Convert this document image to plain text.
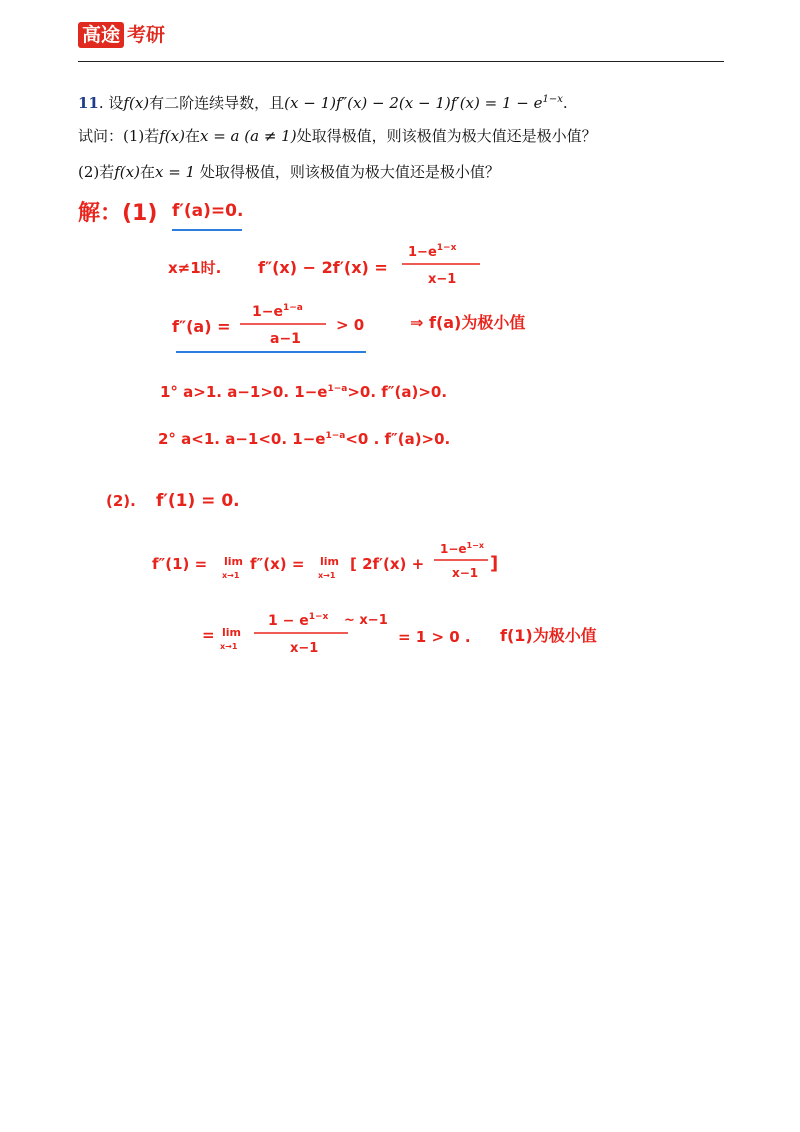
高途 考研
11. 设f(x)有二阶连续导数，且$(x - 1)f''(x) - 2(x - 1)f'(x) = 1 - e^{1-x}$.
试问：(1)若f(x)在x = a (a ≠ 1)处取得极值，则该极值为极大值还是极小值？
(2)若f(x)在x = 1 处取得极值，则该极值为极大值还是极小值？
解：(1) f′(a)=0.
x≠1时. f″(x) − 2f′(x) =
$1-e^{1-x}$
x−1
f″(a) =
$1-e^{1-a}$
a−1
> 0	⇒ f(a)为极小值
1° a>1. a−1>0. $1-e^{1-a}>0$. f″(a)>0.
2° a<1. a−1<0. $1-e^{1-a}<0$ . f″(a)>0.
(2). f′(1) = 0.
f″(1) = lim
x→1
f″(x) = lim
x→1
[ 2f′(x) +
$1-e^{1-x}$
x−1 ]
= lim
x→1
$1 - e^{1-x}$
x−1
~ x−1
= 1 > 0 . f(1)为极小值
